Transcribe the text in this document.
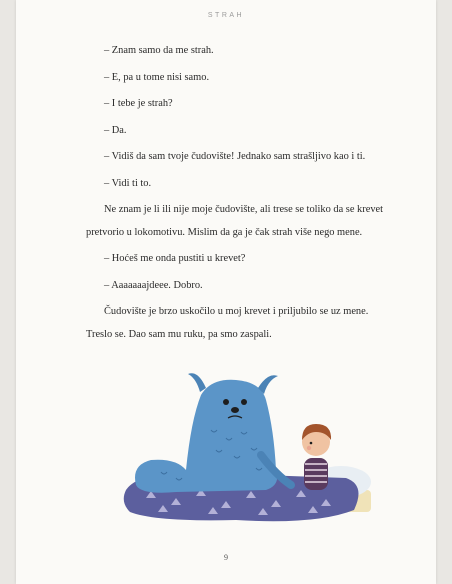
STRAH

– Znam samo da me strah.

– E, pa u tome nisi samo.

– I tebe je strah?

– Da.

– Vidiš da sam tvoje čudovište! Jednako sam strašljivo kao i ti.

– Vidi ti to.

Ne znam je li ili nije moje čudovište, ali trese se toliko da se krevet pretvorio u lokomotivu. Mislim da ga je čak strah više nego mene.

– Hoćeš me onda pustiti u krevet?

– Aaaaaaajdeee. Dobro.

Čudovište je brzo uskočilo u moj krevet i priljubilo se uz mene. Treslo se. Dao sam mu ruku, pa smo zaspali.

9
